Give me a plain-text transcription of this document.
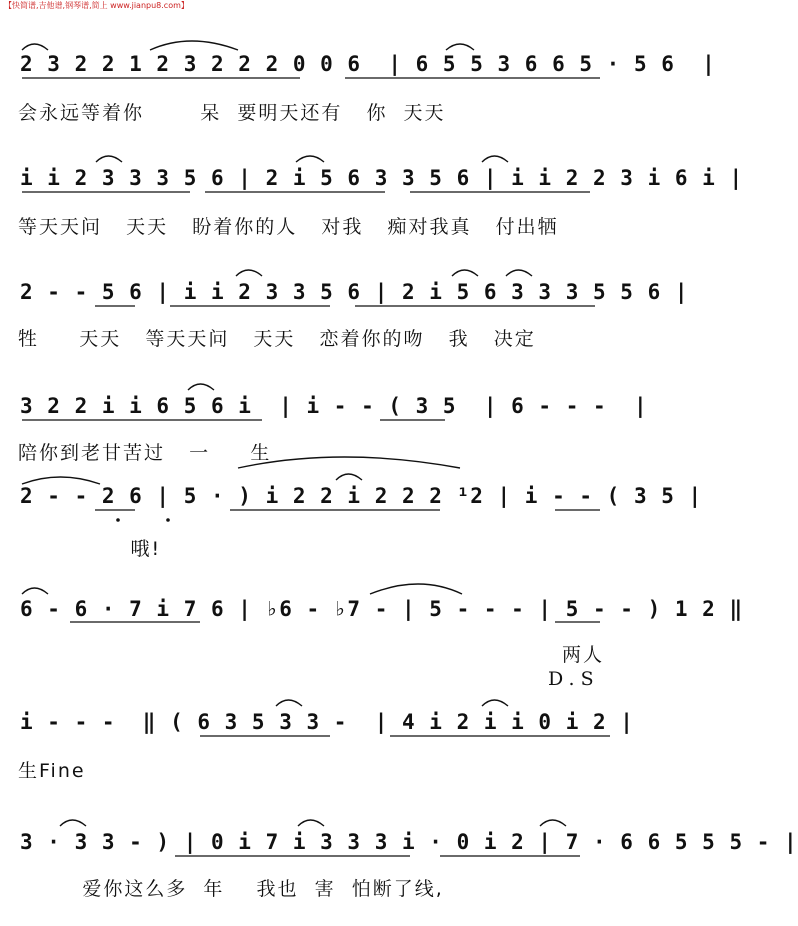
【快简谱,吉他谱,钢琴谱,简上 www.jianpu8.com】
2 3 2 2 1 2 3 2 2 2 0 0 6  | 6 5 5 3 6 6 5 · 5 6  |
会永远等着你       呆  要明天还有   你  天天
i i 2 3 3 3 5 6 | 2 i 5 6 3 3 5 6 | i i 2 2 3 i 6 i |
等天天问   天天   盼着你的人   对我   痴对我真   付出牺
2 - - 5 6 | i i 2 3 3 5 6 | 2 i 5 6 3 3 3 5 5 6 |
牲     天天   等天天问   天天   恋着你的吻   我   决定
3 2 2 i i 6 5 6 i  | i - - ( 3 5  | 6 - - -  |
陪你到老甘苦过   一     生
2 - - 2 6 | 5 · ) i 2 2 i 2 2 2 ¹2 | i - - ( 3 5 |
哦!
6 - 6 · 7 i 7 6 | ♭6 - ♭7 - | 5 - - - | 5 - - ) 1 2 ‖
两人
D.S
i - - -  ‖ ( 6 3 5 3 3 -  | 4 i 2 i i 0 i 2 |
生Fine
3 · 3 3 - ) | 0 i 7 i 3 3 3 i · 0 i 2 | 7 · 6 6 5 5 5 - |
爱你这么多  年    我也  害  怕断了线,
